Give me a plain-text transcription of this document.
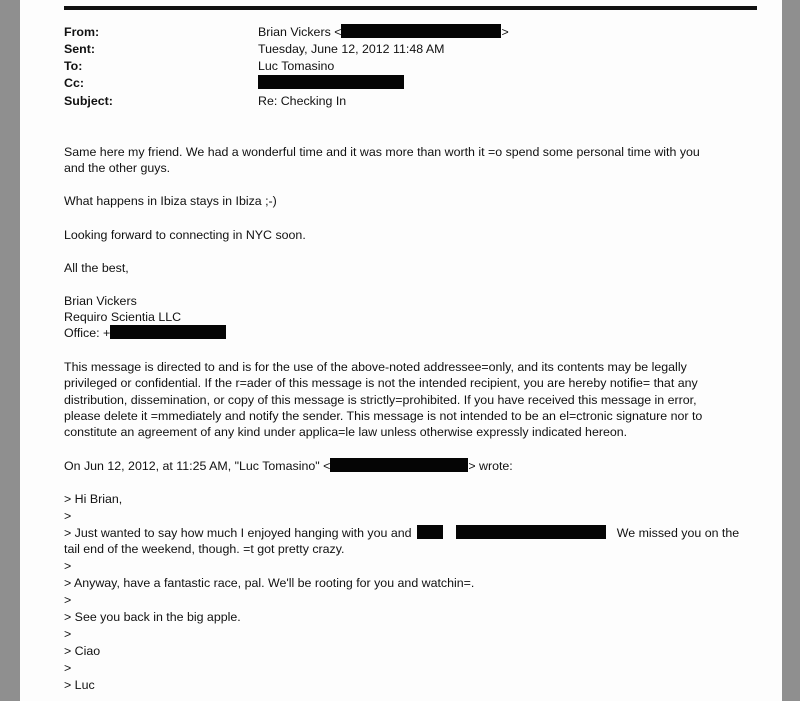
From:	Brian Vickers <	>
Sent:	Tuesday, June 12, 2012 11:48 AM
To:	Luc Tomasino
Cc:
Subject:	Re: Checking In
Same here my friend. We had a wonderful time and it was more than worth it =o spend some personal time with you
and the other guys.
What happens in Ibiza stays in Ibiza ;-)
Looking forward to connecting in NYC soon.
All the best,
Brian Vickers
Requiro Scientia LLC
Office: +
This message is directed to and is for the use of the above-noted addressee=only, and its contents may be legally
privileged or confidential. If the r=ader of this message is not the intended recipient, you are hereby notifie= that any
distribution, dissemination, or copy of this message is strictly=prohibited. If you have received this message in error,
please delete it =mmediately and notify the sender. This message is not intended to be an el=ctronic signature nor to
constitute an agreement of any kind under applica=le law unless otherwise expressly indicated hereon.
On Jun 12, 2012, at 11:25 AM, "Luc Tomasino" <	> wrote:
> Hi Brian,
>
> Just wanted to say how much I enjoyed hanging with you and	We missed you on the
tail end of the weekend, though. =t got pretty crazy.
>
> Anyway, have a fantastic race, pal. We'll be rooting for you and watchin=.
>
> See you back in the big apple.
>
> Ciao
>
> Luc
